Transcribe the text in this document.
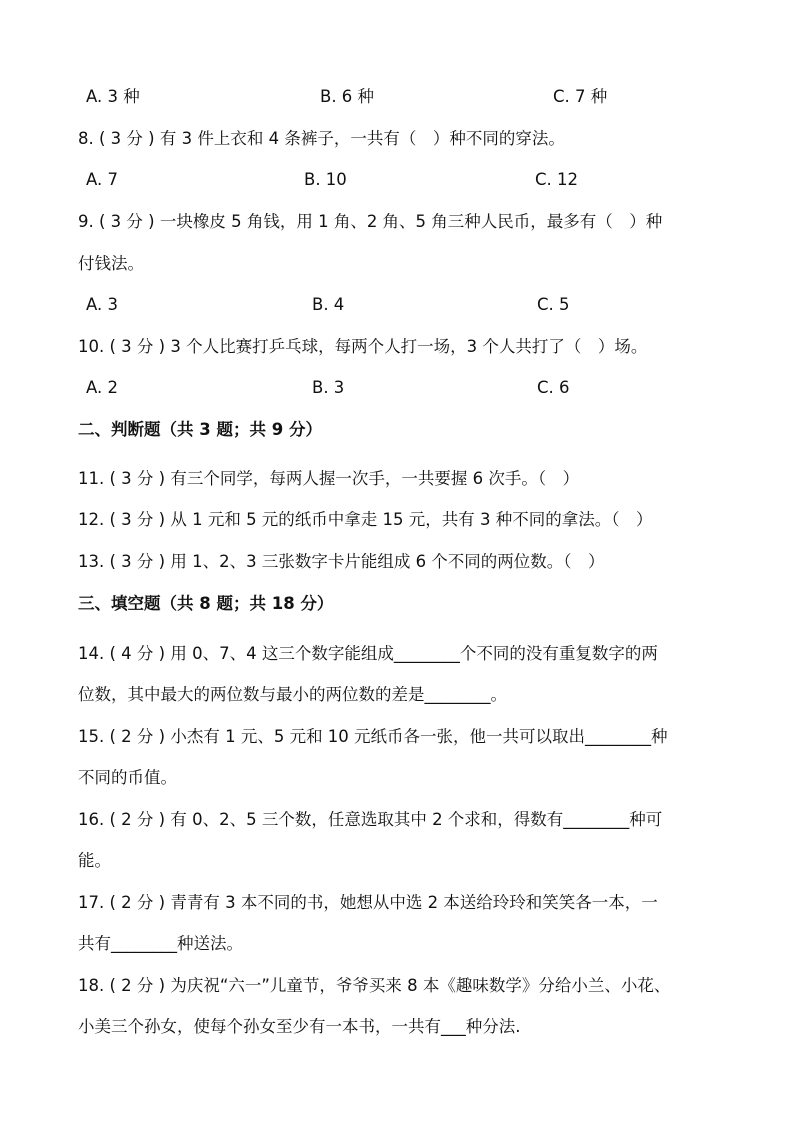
A. 3 种	B. 6 种	C. 7 种
8. ( 3 分 ) 有 3 件上衣和 4 条裤子，一共有（　）种不同的穿法。
A. 7	B. 10	C. 12
9. ( 3 分 ) 一块橡皮 5 角钱，用 1 角、2 角、5 角三种人民币，最多有（　）种
付钱法。
A. 3	B. 4	C. 5
10. ( 3 分 ) 3 个人比赛打乒乓球，每两个人打一场，3 个人共打了（　）场。
A. 2	B. 3	C. 6
二、判断题（共 3 题；共 9 分）
11. ( 3 分 ) 有三个同学，每两人握一次手，一共要握 6 次手。（　）
12. ( 3 分 ) 从 1 元和 5 元的纸币中拿走 15 元，共有 3 种不同的拿法。（　）
13. ( 3 分 ) 用 1、2、3 三张数字卡片能组成 6 个不同的两位数。（　）
三、填空题（共 8 题；共 18 分）
14. ( 4 分 ) 用 0、7、4 这三个数字能组成________个不同的没有重复数字的两
位数，其中最大的两位数与最小的两位数的差是________。
15. ( 2 分 ) 小杰有 1 元、5 元和 10 元纸币各一张，他一共可以取出________种
不同的币值。
16. ( 2 分 ) 有 0、2、5 三个数，任意选取其中 2 个求和，得数有________种可
能。
17. ( 2 分 ) 青青有 3 本不同的书，她想从中选 2 本送给玲玲和笑笑各一本，一
共有________种送法。
18. ( 2 分 ) 为庆祝“六一”儿童节，爷爷买来 8 本《趣味数学》分给小兰、小花、
小美三个孙女，使每个孙女至少有一本书，一共有___种分法.
